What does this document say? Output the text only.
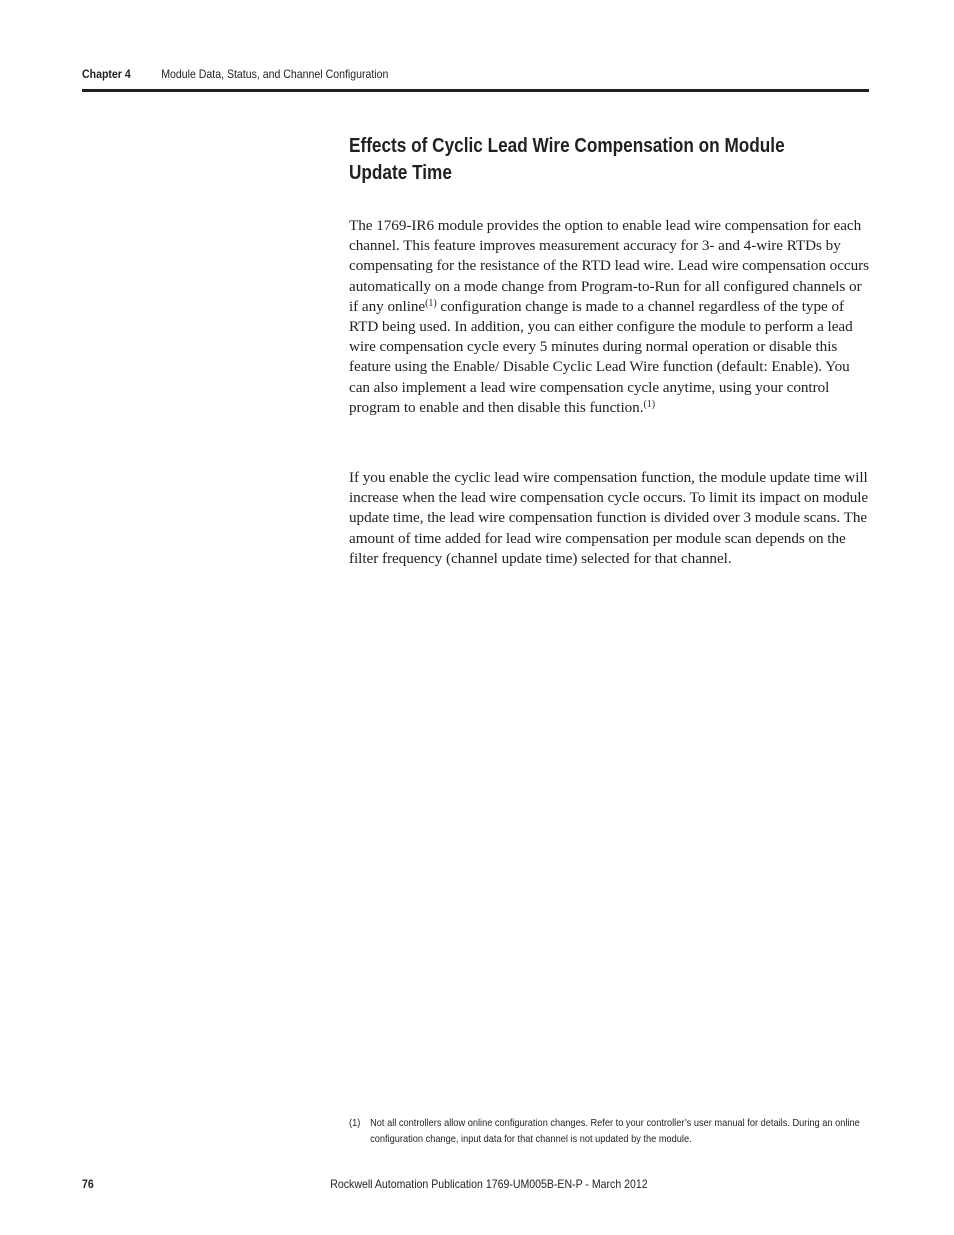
Chapter 4	Module Data, Status, and Channel Configuration
Effects of Cyclic Lead Wire Compensation on Module Update Time

The 1769-IR6 module provides the option to enable lead wire compensation for each channel. This feature improves measurement accuracy for 3- and 4-wire RTDs by compensating for the resistance of the RTD lead wire. Lead wire compensation occurs automatically on a mode change from Program-to-Run for all configured channels or if any online$^{(1)}$ configuration change is made to a channel regardless of the type of RTD being used. In addition, you can either configure the module to perform a lead wire compensation cycle every 5 minutes during normal operation or disable this feature using the Enable/ Disable Cyclic Lead Wire function (default: Enable). You can also implement a lead wire compensation cycle anytime, using your control program to enable and then disable this function.$^{(1)}$

If you enable the cyclic lead wire compensation function, the module update time will increase when the lead wire compensation cycle occurs. To limit its impact on module update time, the lead wire compensation function is divided over 3 module scans. The amount of time added for lead wire compensation per module scan depends on the filter frequency (channel update time) selected for that channel.

(1) Not all controllers allow online configuration changes. Refer to your controller’s user manual for details. During an online configuration change, input data for that channel is not updated by the module.
76	Rockwell Automation Publication 1769-UM005B-EN-P - March 2012
